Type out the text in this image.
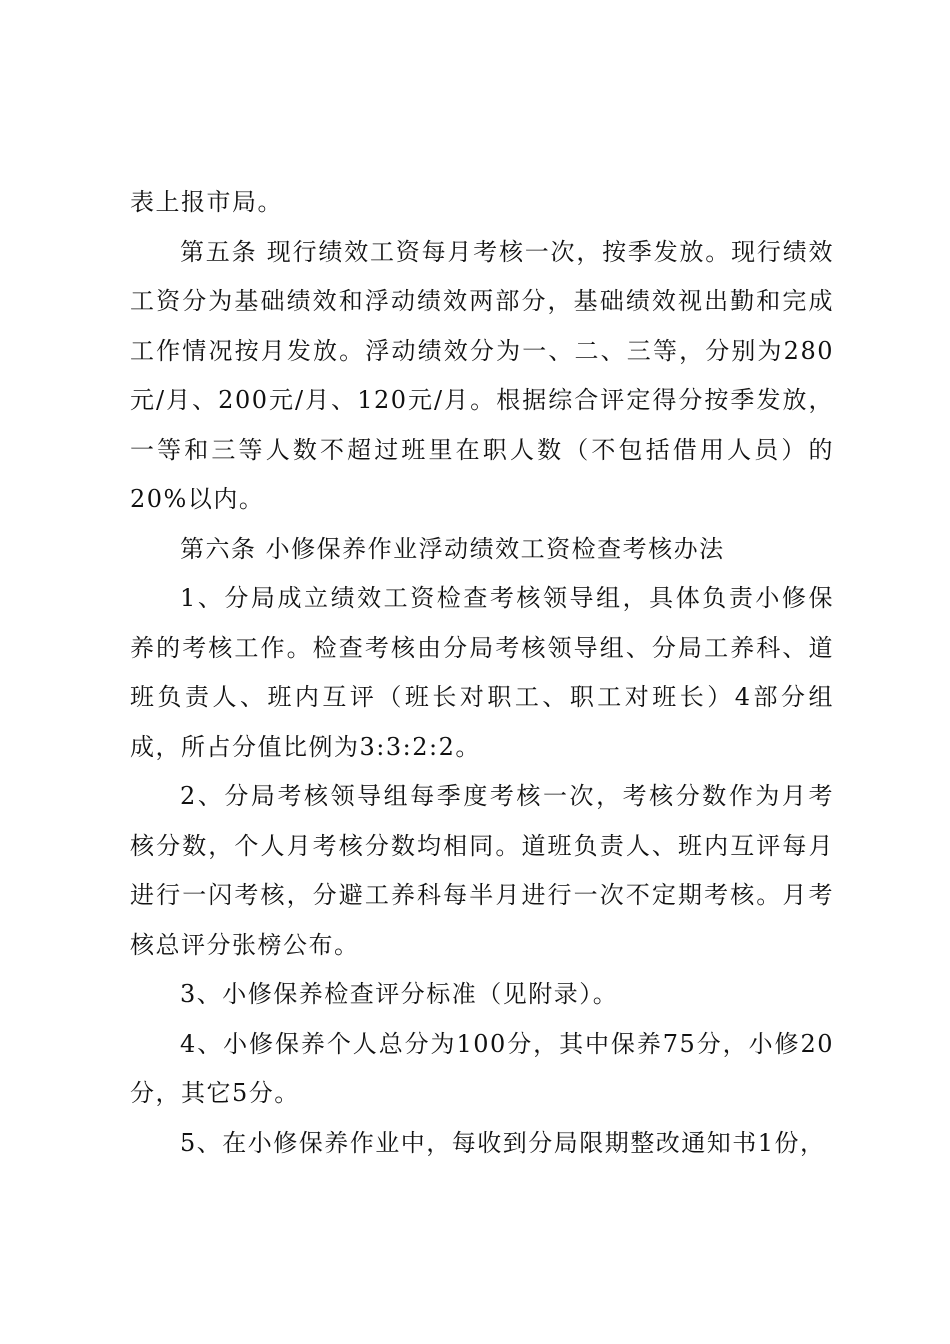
表上报市局。

第五条 现行绩效工资每月考核一次，按季发放。现行绩效工资分为基础绩效和浮动绩效两部分，基础绩效视出勤和完成工作情况按月发放。浮动绩效分为一、二、三等，分别为280元/月、200元/月、120元/月。根据综合评定得分按季发放，一等和三等人数不超过班里在职人数（不包括借用人员）的20%以内。

第六条 小修保养作业浮动绩效工资检查考核办法

1、分局成立绩效工资检查考核领导组，具体负责小修保养的考核工作。检查考核由分局考核领导组、分局工养科、道班负责人、班内互评（班长对职工、职工对班长）4部分组成，所占分值比例为3:3:2:2。

2、分局考核领导组每季度考核一次，考核分数作为月考核分数，个人月考核分数均相同。道班负责人、班内互评每月进行一闪考核，分避工养科每半月进行一次不定期考核。月考核总评分张榜公布。

3、小修保养检查评分标准（见附录）。

4、小修保养个人总分为100分，其中保养75分，小修20分，其它5分。

5、在小修保养作业中，每收到分局限期整改通知书1份，
